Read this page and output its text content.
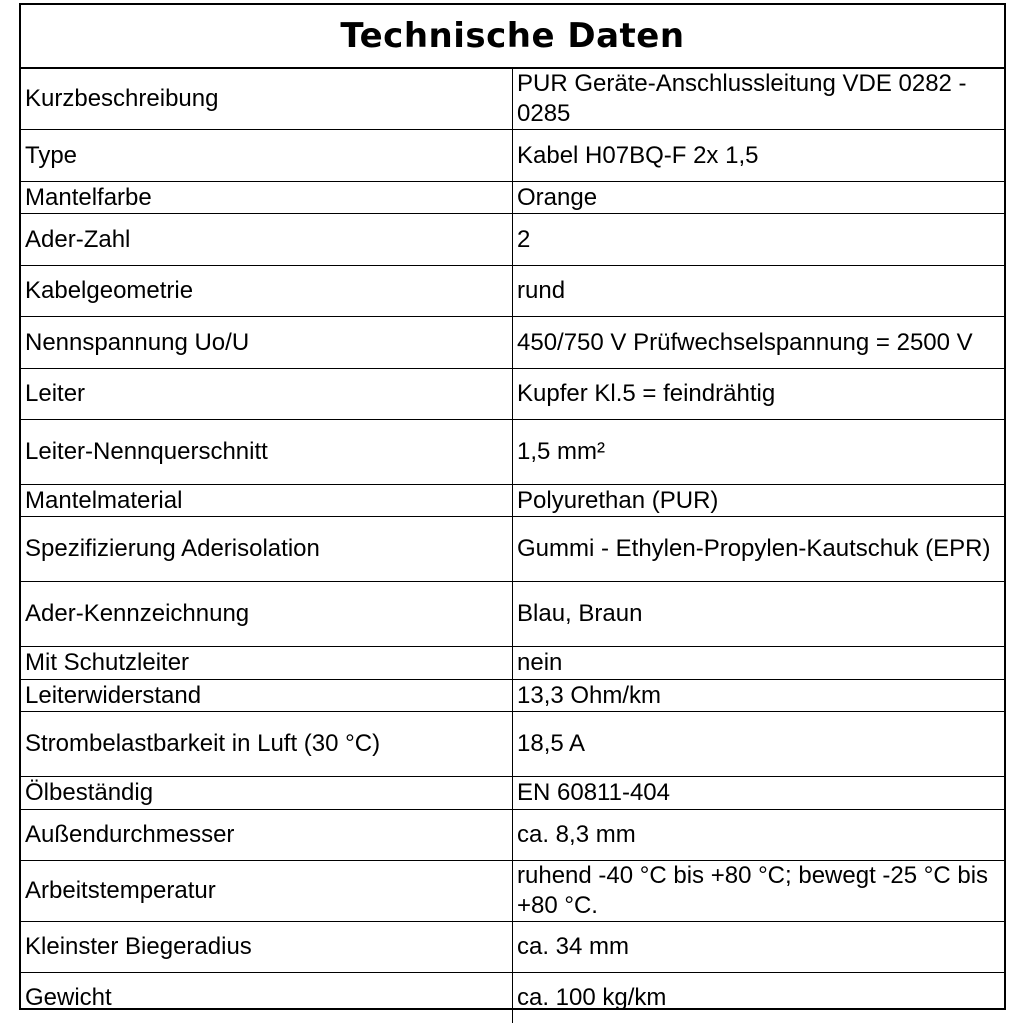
Technische Daten	

Kurzbeschreibung	PUR Geräte-Anschlussleitung VDE 0282 - 0285
Type	Kabel H07BQ-F 2x 1,5
Mantelfarbe	Orange
Ader-Zahl	2
Kabelgeometrie	rund
Nennspannung Uo/U	450/750 V Prüfwechselspannung = 2500 V
Leiter	Kupfer Kl.5 = feindrähtig
Leiter-Nennquerschnitt	1,5 mm²
Mantelmaterial	Polyurethan (PUR)
Spezifizierung Aderisolation	Gummi - Ethylen-Propylen-Kautschuk (EPR)
Ader-Kennzeichnung	Blau, Braun
Mit Schutzleiter	nein
Leiterwiderstand	13,3 Ohm/km
Strombelastbarkeit in Luft (30 °C)	18,5 A
Ölbeständig	EN 60811-404
Außendurchmesser	ca. 8,3 mm
Arbeitstemperatur	ruhend -40 °C bis +80 °C; bewegt -25 °C bis +80 °C.
Kleinster Biegeradius	ca. 34 mm
Gewicht	ca. 100 kg/km
